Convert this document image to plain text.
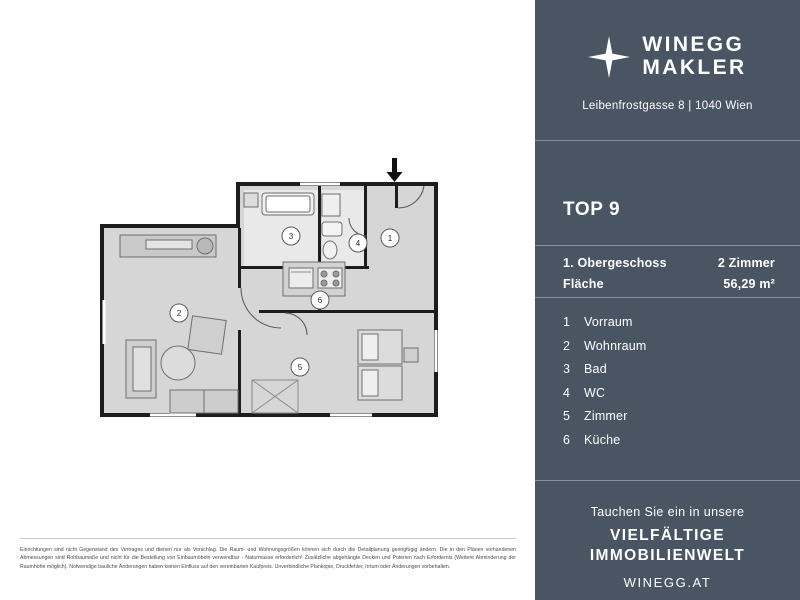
1
2
3
4
5
6
Einrichtungen sind nicht Gegenstand des Vertrages und dienen nur als Vorschlag. Die Raum- und Wohnungsgrößen können sich durch die Detailplanung geringfügig ändern. Die in den Plänen vorhandenen Abmessungen sind Rohbaumaße und nicht für die Bestellung von Einbaumöbeln verwendbar - Naturmasse erforderlich! Zusätzliche abgehängte Decken und Poterien nach Erfordernis (Weitere Abminderung der Raumhöhe möglich). Notwendige bauliche Änderungen haben keinen Einfluss auf den vereinbarten Kaufpreis. Unverbindliche Plankopie, Druckfehler, Irrtum oder Änderungen vorbehalten.
WINEGG
MAKLER
Leibenfrostgasse 8 | 1040 Wien
TOP 9
1. Obergeschoss	2 Zimmer
Fläche	56,29 m²
1	Vorraum
2	Wohnraum
3	Bad
4	WC
5	Zimmer
6	Küche
Tauchen Sie ein in unsere
VIELFÄLTIGE
IMMOBILIENWELT
WINEGG.AT
